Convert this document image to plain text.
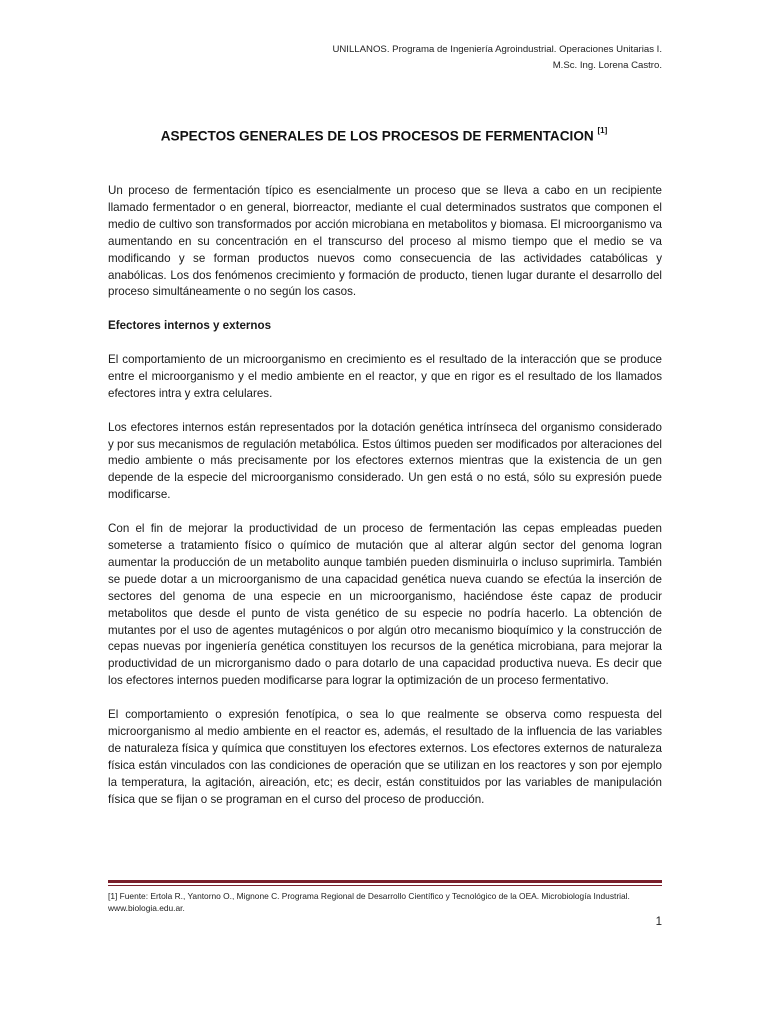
UNILLANOS. Programa de Ingeniería Agroindustrial. Operaciones Unitarias I.
M.Sc. Ing. Lorena Castro.
ASPECTOS GENERALES DE LOS PROCESOS DE FERMENTACION [1]

Un proceso de fermentación típico es esencialmente un proceso que se lleva a cabo en un recipiente llamado fermentador o en general, biorreactor, mediante el cual determinados sustratos que componen el medio de cultivo son transformados por acción microbiana en metabolitos y biomasa. El microorganismo va aumentando en su concentración en el transcurso del proceso al mismo tiempo que el medio se va modificando y se forman productos nuevos como consecuencia de las actividades catabólicas y anabólicas. Los dos fenómenos crecimiento y formación de producto, tienen lugar durante el desarrollo del proceso simultáneamente o no según los casos.

Efectores internos y externos

El comportamiento de un microorganismo en crecimiento es el resultado de la interacción que se produce entre el microorganismo y el medio ambiente en el reactor, y que en rigor es el resultado de los llamados efectores intra y extra celulares.

Los efectores internos están representados por la dotación genética intrínseca del organismo considerado y por sus mecanismos de regulación metabólica. Estos últimos pueden ser modificados por alteraciones del medio ambiente o más precisamente por los efectores externos mientras que la existencia de un gen depende de la especie del microorganismo considerado. Un gen está o no está, sólo su expresión puede modificarse.

Con el fin de mejorar la productividad de un proceso de fermentación las cepas empleadas pueden someterse a tratamiento físico o químico de mutación que al alterar algún sector del genoma logran aumentar la producción de un metabolito aunque también pueden disminuirla o incluso suprimirla. También se puede dotar a un microorganismo de una capacidad genética nueva cuando se efectúa la inserción de sectores del genoma de una especie en un microorganismo, haciéndose éste capaz de producir metabolitos que desde el punto de vista genético de su especie no podría hacerlo. La obtención de mutantes por el uso de agentes mutagénicos o por algún otro mecanismo bioquímico y la construcción de cepas nuevas por ingeniería genética constituyen los recursos de la genética microbiana, para mejorar la productividad de un microrganismo dado o para dotarlo de una capacidad productiva nueva. Es decir que los efectores internos pueden modificarse para lograr la optimización de un proceso fermentativo.

El comportamiento o expresión fenotípica, o sea lo que realmente se observa como respuesta del microorganismo al medio ambiente en el reactor es, además, el resultado de la influencia de las variables de naturaleza física y química que constituyen los efectores externos. Los efectores externos de naturaleza física están vinculados con las condiciones de operación que se utilizan en los reactores y son por ejemplo la temperatura, la agitación, aireación, etc; es decir, están constituidos por las variables de manipulación física que se fijan o se programan en el curso del proceso de producción.

[1] Fuente: Ertola R., Yantorno O., Mignone C. Programa Regional de Desarrollo Científico y Tecnológico de la OEA. Microbiología Industrial. www.biologia.edu.ar.
1
